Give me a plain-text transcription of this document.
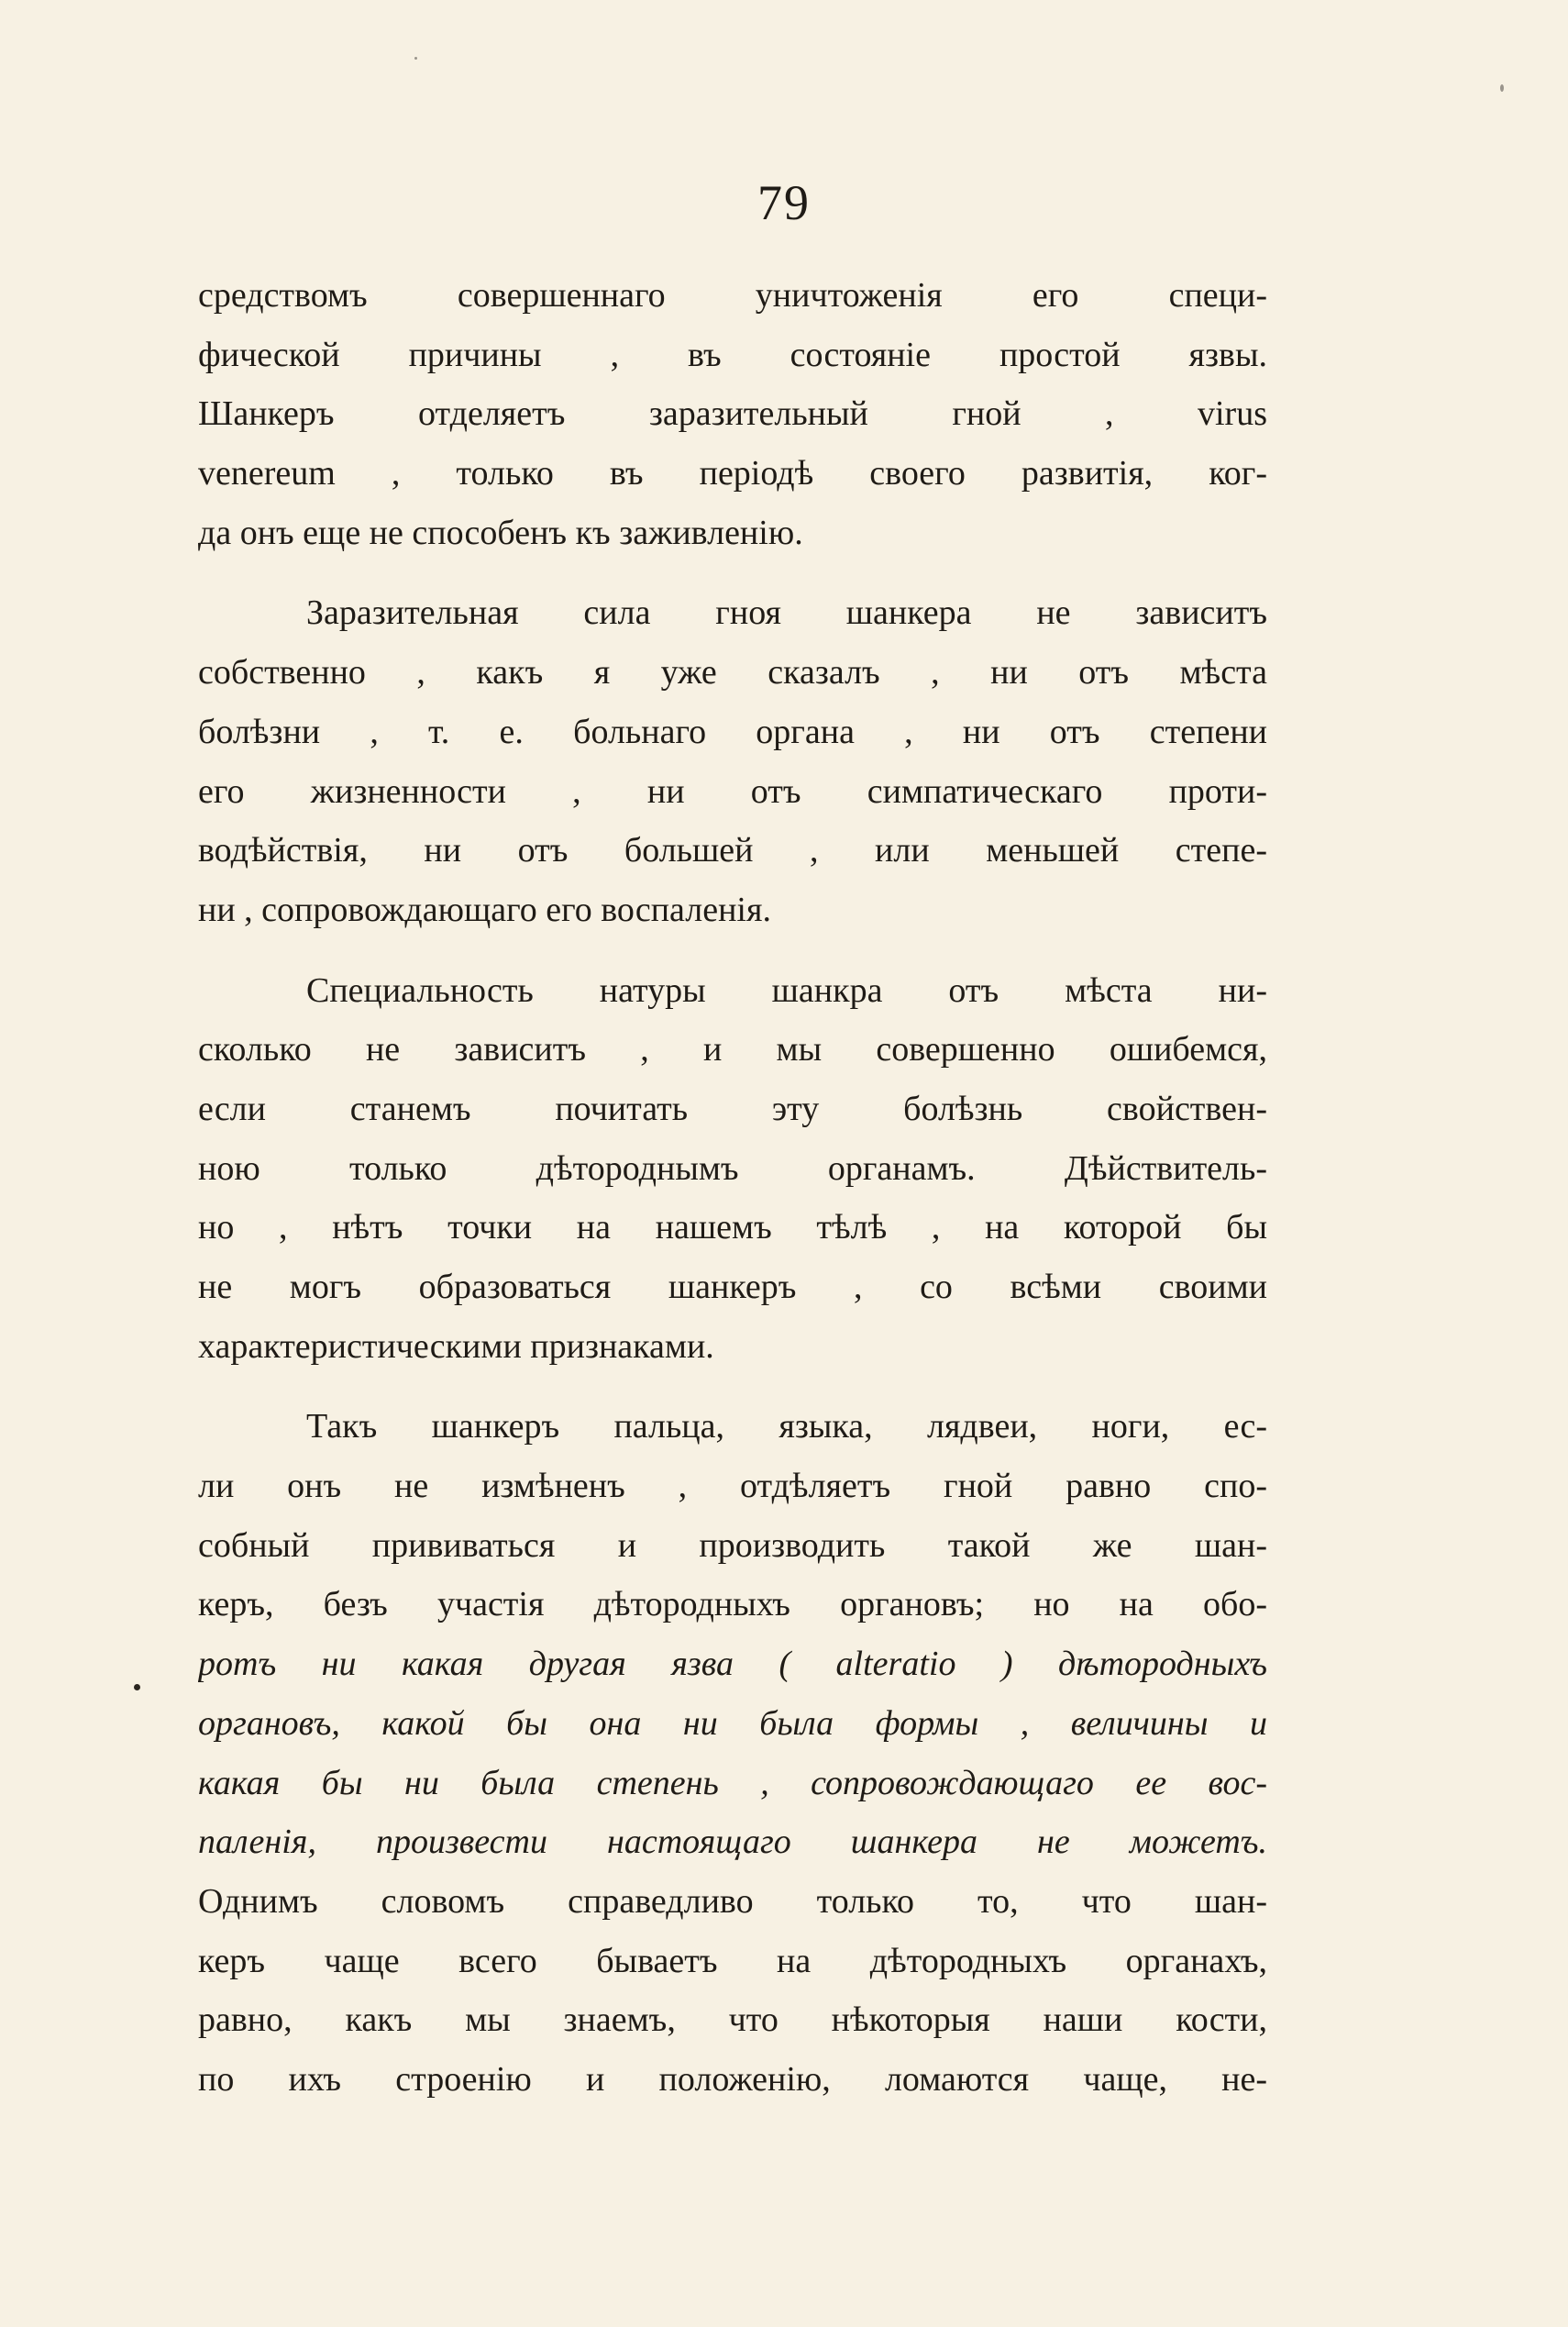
79
средствомъ совершеннаго уничтоженія его специ-
фической причины , въ состояніе простой язвы.
Шанкеръ отделяетъ заразительный гной , virus
venereum , только въ періодѣ своего развитія, ког-
да онъ еще не способенъ къ заживленію.
Заразительная сила гноя шанкера не зависитъ
собственно , какъ я уже сказалъ , ни отъ мѣста
болѣзни , т. е. больнаго органа , ни отъ степени
его жизненности , ни отъ симпатическаго проти-
водѣйствія, ни отъ большей , или меньшей степе-
ни , сопровождающаго его воспаленія.
Специальность натуры шанкра отъ мѣста ни-
сколько не зависитъ , и мы совершенно ошибемся,
если станемъ почитать эту болѣзнь свойствен-
ною только дѣтороднымъ органамъ. Дѣйствитель-
но , нѣтъ точки на нашемъ тѣлѣ , на которой бы
не могъ образоваться шанкеръ , со всѣми своими
характеристическими признаками.
Такъ шанкеръ пальца, языка, лядвеи, ноги, ес-
ли онъ не измѣненъ , отдѣляетъ гной равно спо-
собный прививаться и производить такой же шан-
керъ, безъ участія дѣтородныхъ органовъ; но на обо-
ротъ ни какая другая язва ( alteratio ) дѣтородныхъ
органовъ, какой бы она ни была формы , величины и
какая бы ни была степень , сопровождающаго ее вос-
паленія, произвести настоящаго шанкера не можетъ.
Однимъ словомъ справедливо только то, что шан-
керъ чаще всего бываетъ на дѣтородныхъ органахъ,
равно, какъ мы знаемъ, что нѣкоторыя наши кости,
по ихъ строенію и положенію, ломаются чаще, не-
